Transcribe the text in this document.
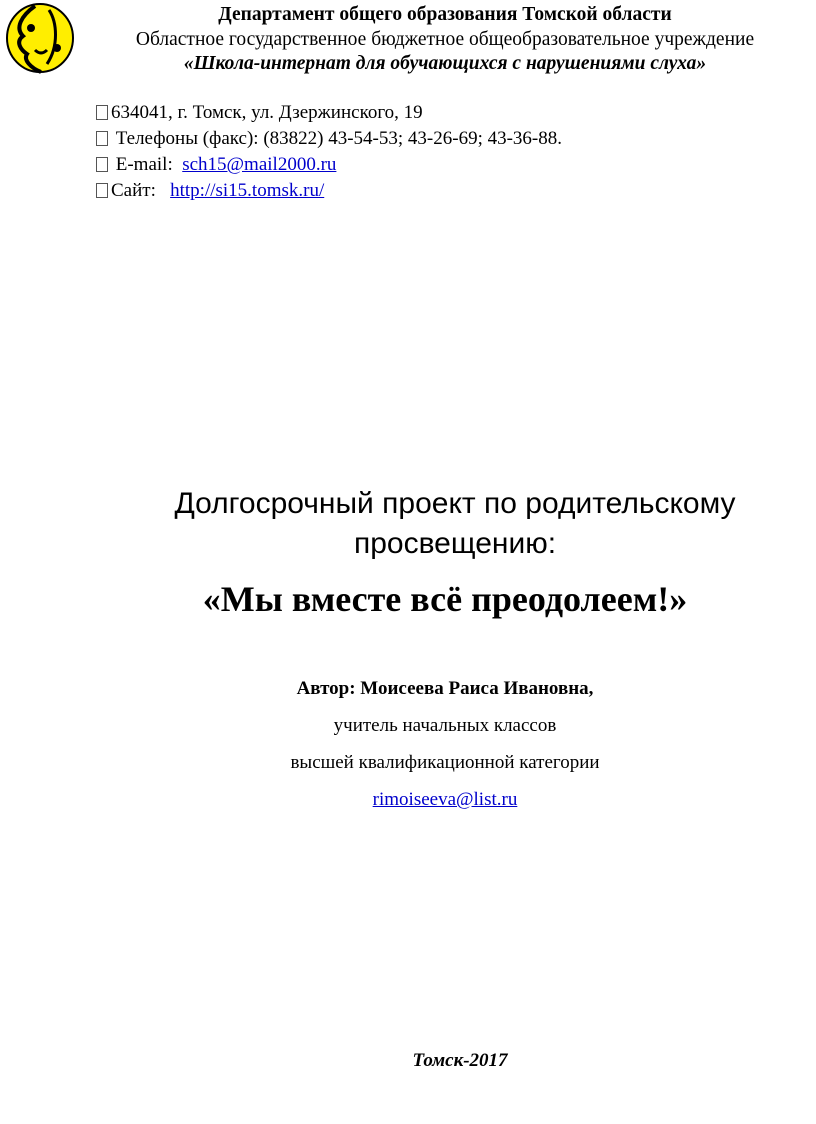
Департамент общего образования Томской области
Областное государственное бюджетное общеобразовательное учреждение
«Школа-интернат для обучающихся с нарушениями слуха»
634041, г. Томск, ул. Дзержинского, 19
Телефоны (факс): (83822) 43-54-53; 43-26-69; 43-36-88.
E-mail: sch15@mail2000.ru
Сайт: http://si15.tomsk.ru/
Долгосрочный проект по родительскому
просвещению:
«Мы вместе всё преодолеем!»
Автор: Моисеева Раиса Ивановна,
учитель начальных классов
высшей квалификационной категории
rimoiseeva@list.ru
Томск-2017
